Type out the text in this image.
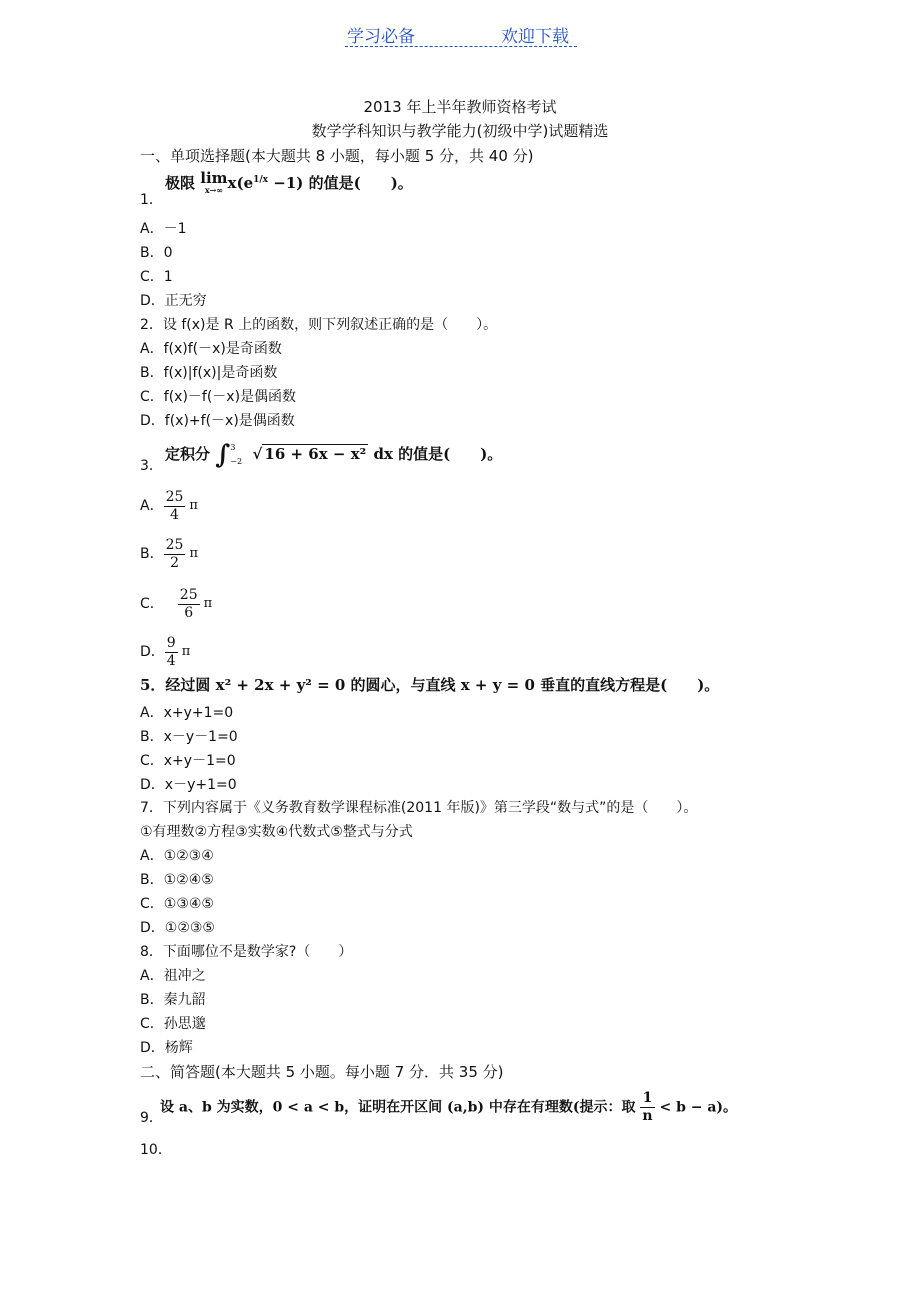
学习必备	欢迎下载
2013 年上半年教师资格考试
数学学科知识与教学能力(初级中学)试题精选
一、单项选择题(本大题共 8 小题，每小题 5 分，共 40 分)
1．
极限 lim
x→∞ $x(e^{1/x} -1)$ 的值是(　　)。
A．－1
B．0
C．1
D．正无穷
2．设 f(x)是 R 上的函数，则下列叙述正确的是（　　）。
A．f(x)f(－x)是奇函数
B．f(x)|f(x)|是奇函数
C．f(x)－f(－x)是偶函数
D．f(x)+f(－x)是偶函数
3．
定积分 ∫ 3
−2 √ 16 + 6x − x² dx 的值是(　　)。
A． $\frac{25}{4}$ π
B． $\frac{25}{2}$ π
C． $\frac{25}{6}$ π
D． $\frac{9}{4}$ π
5．经过圆 x² + 2x + y² = 0 的圆心，与直线 x + y = 0 垂直的直线方程是(　　)。
A．x+y+1=0
B．x－y－1=0
C．x+y－1=0
D．x－y+1=0
7．下列内容属于《义务教育数学课程标准(2011 年版)》第三学段“数与式”的是（　　）。
①有理数②方程③实数④代数式⑤整式与分式
A．①②③④
B．①②④⑤
C．①③④⑤
D．①②③⑤
8．下面哪位不是数学家?（　　）
A．祖冲之
B．秦九韶
C．孙思邈
D．杨辉
二、简答题(本大题共 5 小题。每小题 7 分．共 35 分)
9．
设 a、b 为实数，0 < a < b，证明在开区间 (a,b) 中存在有理数(提示：取 $\frac{1}{n} < b - a$)。
10．
